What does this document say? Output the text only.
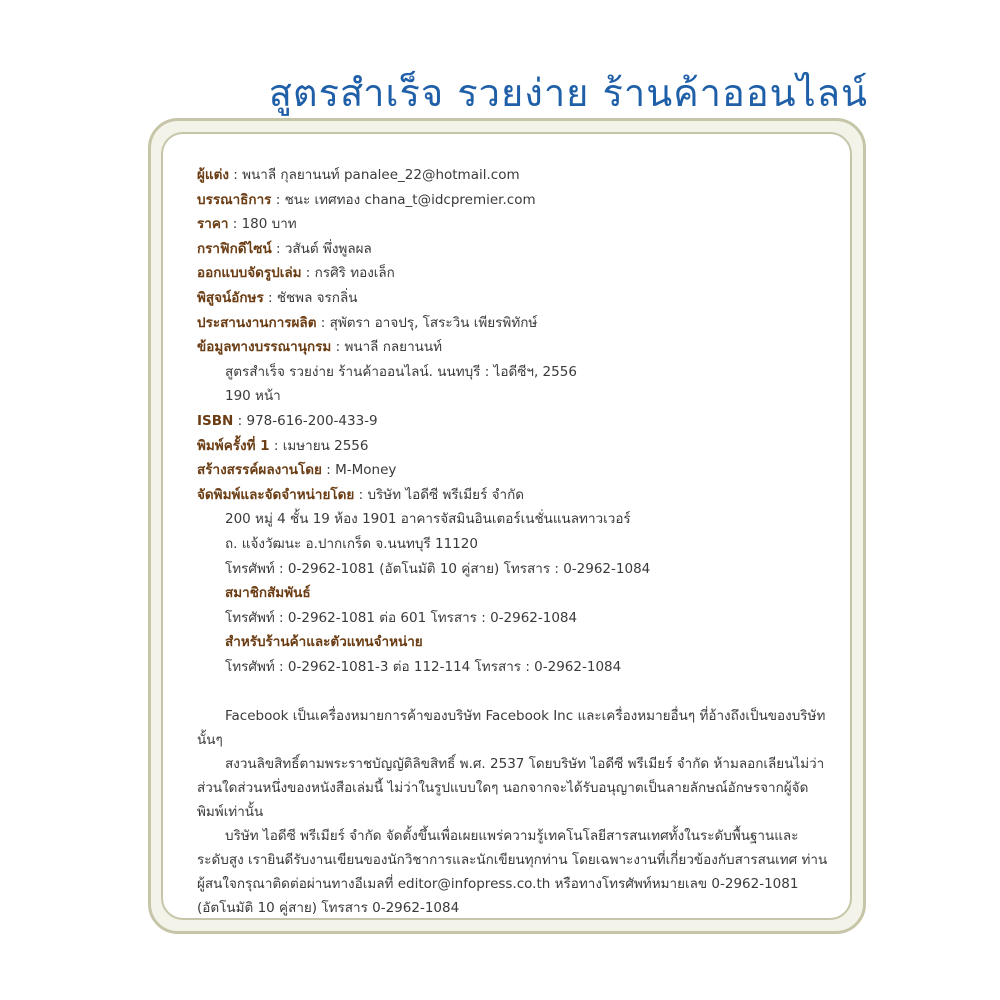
สูตรสำเร็จ รวยง่าย ร้านค้าออนไลน์
ผู้แต่ง : พนาลี กุลยานนท์ panalee_22@hotmail.com
บรรณาธิการ : ชนะ เทศทอง chana_t@idcpremier.com
ราคา : 180 บาท
กราฟิกดีไซน์ : วสันต์ พึ่งพูลผล
ออกแบบจัดรูปเล่ม : กรศิริ ทองเล็ก
พิสูจน์อักษร : ชัชพล จรกลิ่น
ประสานงานการผลิต : สุพัตรา อาจปรุ, โสระวิน เพียรพิทักษ์
ข้อมูลทางบรรณานุกรม : พนาลี กลยานนท์
สูตรสำเร็จ รวยง่าย ร้านค้าออนไลน์. นนทบุรี : ไอดีซีฯ, 2556
190 หน้า
ISBN : 978-616-200-433-9
พิมพ์ครั้งที่ 1 : เมษายน 2556
สร้างสรรค์ผลงานโดย : M-Money
จัดพิมพ์และจัดจำหน่ายโดย : บริษัท ไอดีซี พรีเมียร์ จำกัด
200 หมู่ 4 ชั้น 19 ห้อง 1901 อาคารจัสมินอินเตอร์เนชั่นแนลทาวเวอร์
ถ. แจ้งวัฒนะ อ.ปากเกร็ด จ.นนทบุรี 11120
โทรศัพท์ : 0-2962-1081 (อัตโนมัติ 10 คู่สาย) โทรสาร : 0-2962-1084
สมาชิกสัมพันธ์
โทรศัพท์ : 0-2962-1081 ต่อ 601 โทรสาร : 0-2962-1084
สำหรับร้านค้าและตัวแทนจำหน่าย
โทรศัพท์ : 0-2962-1081-3 ต่อ 112-114 โทรสาร : 0-2962-1084

Facebook เป็นเครื่องหมายการค้าของบริษัท Facebook Inc และเครื่องหมายอื่นๆ ที่อ้างถึงเป็นของบริษัทนั้นๆ

สงวนลิขสิทธิ์ตามพระราชบัญญัติลิขสิทธิ์ พ.ศ. 2537 โดยบริษัท ไอดีซี พรีเมียร์ จำกัด ห้ามลอกเลียนไม่ว่าส่วนใดส่วนหนึ่งของหนังสือเล่มนี้ ไม่ว่าในรูปแบบใดๆ นอกจากจะได้รับอนุญาตเป็นลายลักษณ์อักษรจากผู้จัดพิมพ์เท่านั้น

บริษัท ไอดีซี พรีเมียร์ จำกัด จัดตั้งขึ้นเพื่อเผยแพร่ความรู้เทคโนโลยีสารสนเทศทั้งในระดับพื้นฐานและ ระดับสูง เรายินดีรับงานเขียนของนักวิชาการและนักเขียนทุกท่าน โดยเฉพาะงานที่เกี่ยวข้องกับสารสนเทศ ท่านผู้สนใจกรุณาติดต่อผ่านทางอีเมลที่ editor@infopress.co.th หรือทางโทรศัพท์หมายเลข 0-2962-1081 (อัตโนมัติ 10 คู่สาย) โทรสาร 0-2962-1084
